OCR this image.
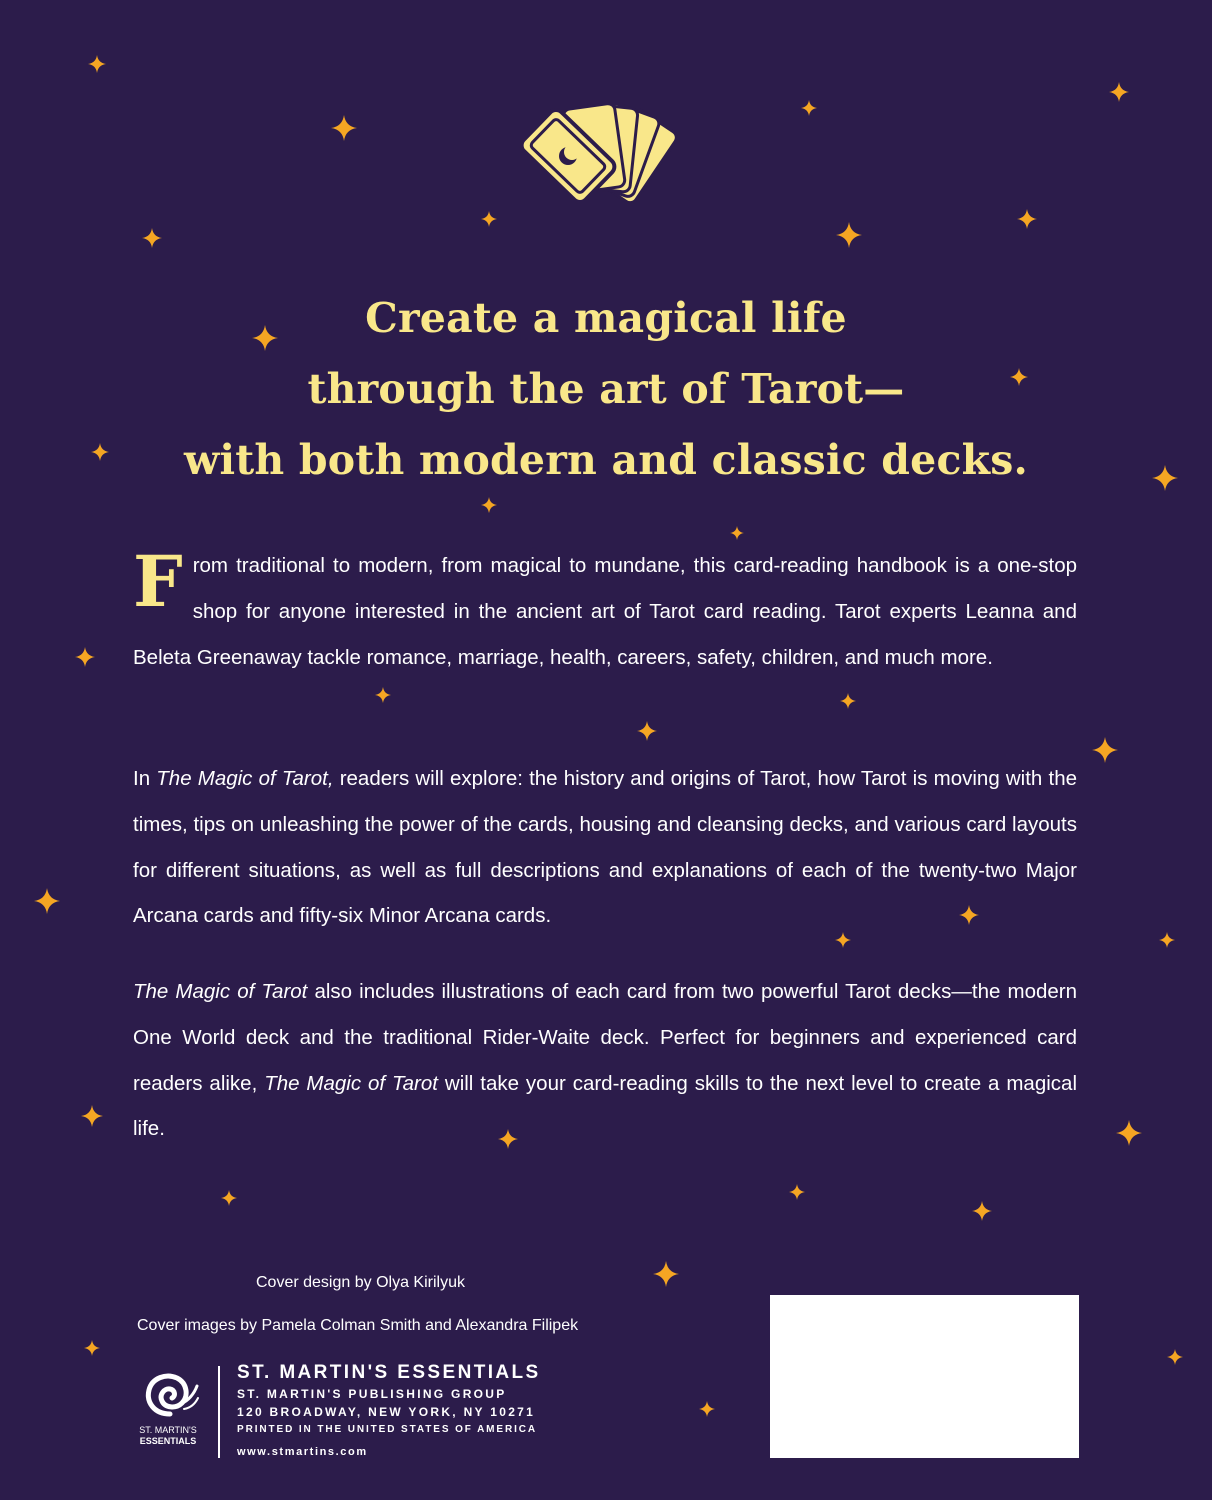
Create a magical life
through the art of Tarot—
with both modern and classic decks.

From traditional to modern, from magical to mundane, this card-reading handbook is a one-stop shop for anyone interested in the ancient art of Tarot card reading. Tarot experts Leanna and Beleta Greenaway tackle romance, marriage, health, careers, safety, children, and much more.

In The Magic of Tarot, readers will explore: the history and origins of Tarot, how Tarot is moving with the times, tips on unleashing the power of the cards, housing and cleansing decks, and various card layouts for different situations, as well as full descriptions and explanations of each of the twenty-two Major Arcana cards and fifty-six Minor Arcana cards.

The Magic of Tarot also includes illustrations of each card from two powerful Tarot decks—the modern One World deck and the traditional Rider-Waite deck. Perfect for beginners and experienced card readers alike, The Magic of Tarot will take your card-reading skills to the next level to create a magical life.

Cover design by Olya Kirilyuk

Cover images by Pamela Colman Smith and Alexandra Filipek

ST. MARTIN'S
ESSENTIALS

ST. MARTIN'S ESSENTIALS

ST. MARTIN'S PUBLISHING GROUP

120 BROADWAY, NEW YORK, NY 10271

PRINTED IN THE UNITED STATES OF AMERICA

www.stmartins.com
